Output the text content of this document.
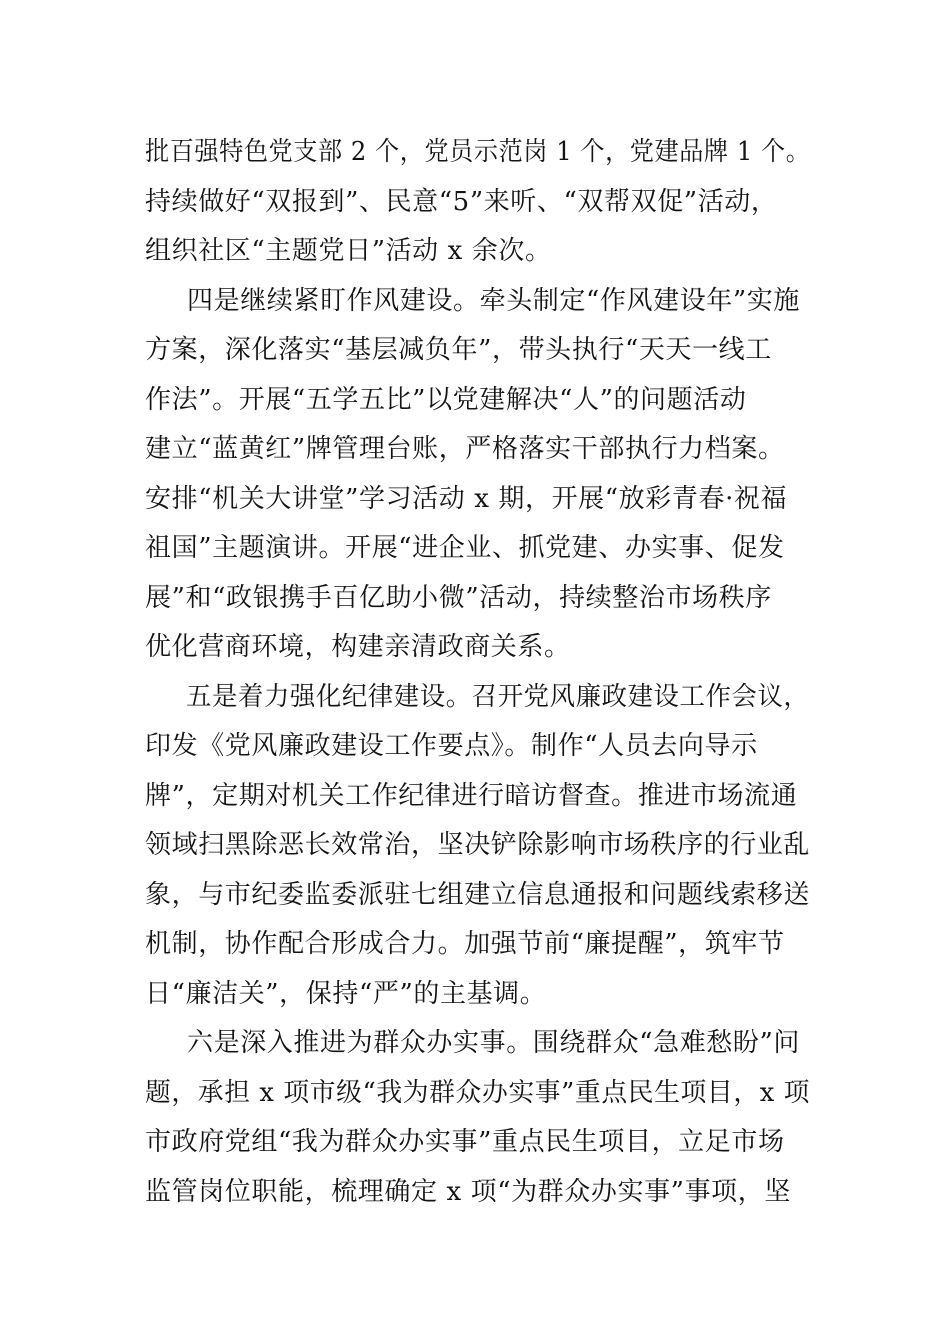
批百强特色党支部 2 个，党员示范岗 1 个，党建品牌 1 个。
持续做好“双报到”、民意“5”来听、“双帮双促”活动，
组织社区“主题党日”活动 x 余次。

四是继续紧盯作风建设。牵头制定“作风建设年”实施
方案，深化落实“基层减负年”，带头执行“天天一线工
作法”。开展“五学五比”以党建解决“人”的问题活动
建立“蓝黄红”牌管理台账，严格落实干部执行力档案。
安排“机关大讲堂”学习活动 x 期，开展“放彩青春·祝福
祖国”主题演讲。开展“进企业、抓党建、办实事、促发
展”和“政银携手百亿助小微”活动，持续整治市场秩序
优化营商环境，构建亲清政商关系。

五是着力强化纪律建设。召开党风廉政建设工作会议，
印发《党风廉政建设工作要点》。制作“人员去向导示
牌”，定期对机关工作纪律进行暗访督查。推进市场流通
领域扫黑除恶长效常治，坚决铲除影响市场秩序的行业乱
象，与市纪委监委派驻七组建立信息通报和问题线索移送
机制，协作配合形成合力。加强节前“廉提醒”，筑牢节
日“廉洁关”，保持“严”的主基调。

六是深入推进为群众办实事。围绕群众“急难愁盼”问
题，承担 x 项市级“我为群众办实事”重点民生项目，x 项
市政府党组“我为群众办实事”重点民生项目，立足市场
监管岗位职能，梳理确定 x 项“为群众办实事”事项，坚
